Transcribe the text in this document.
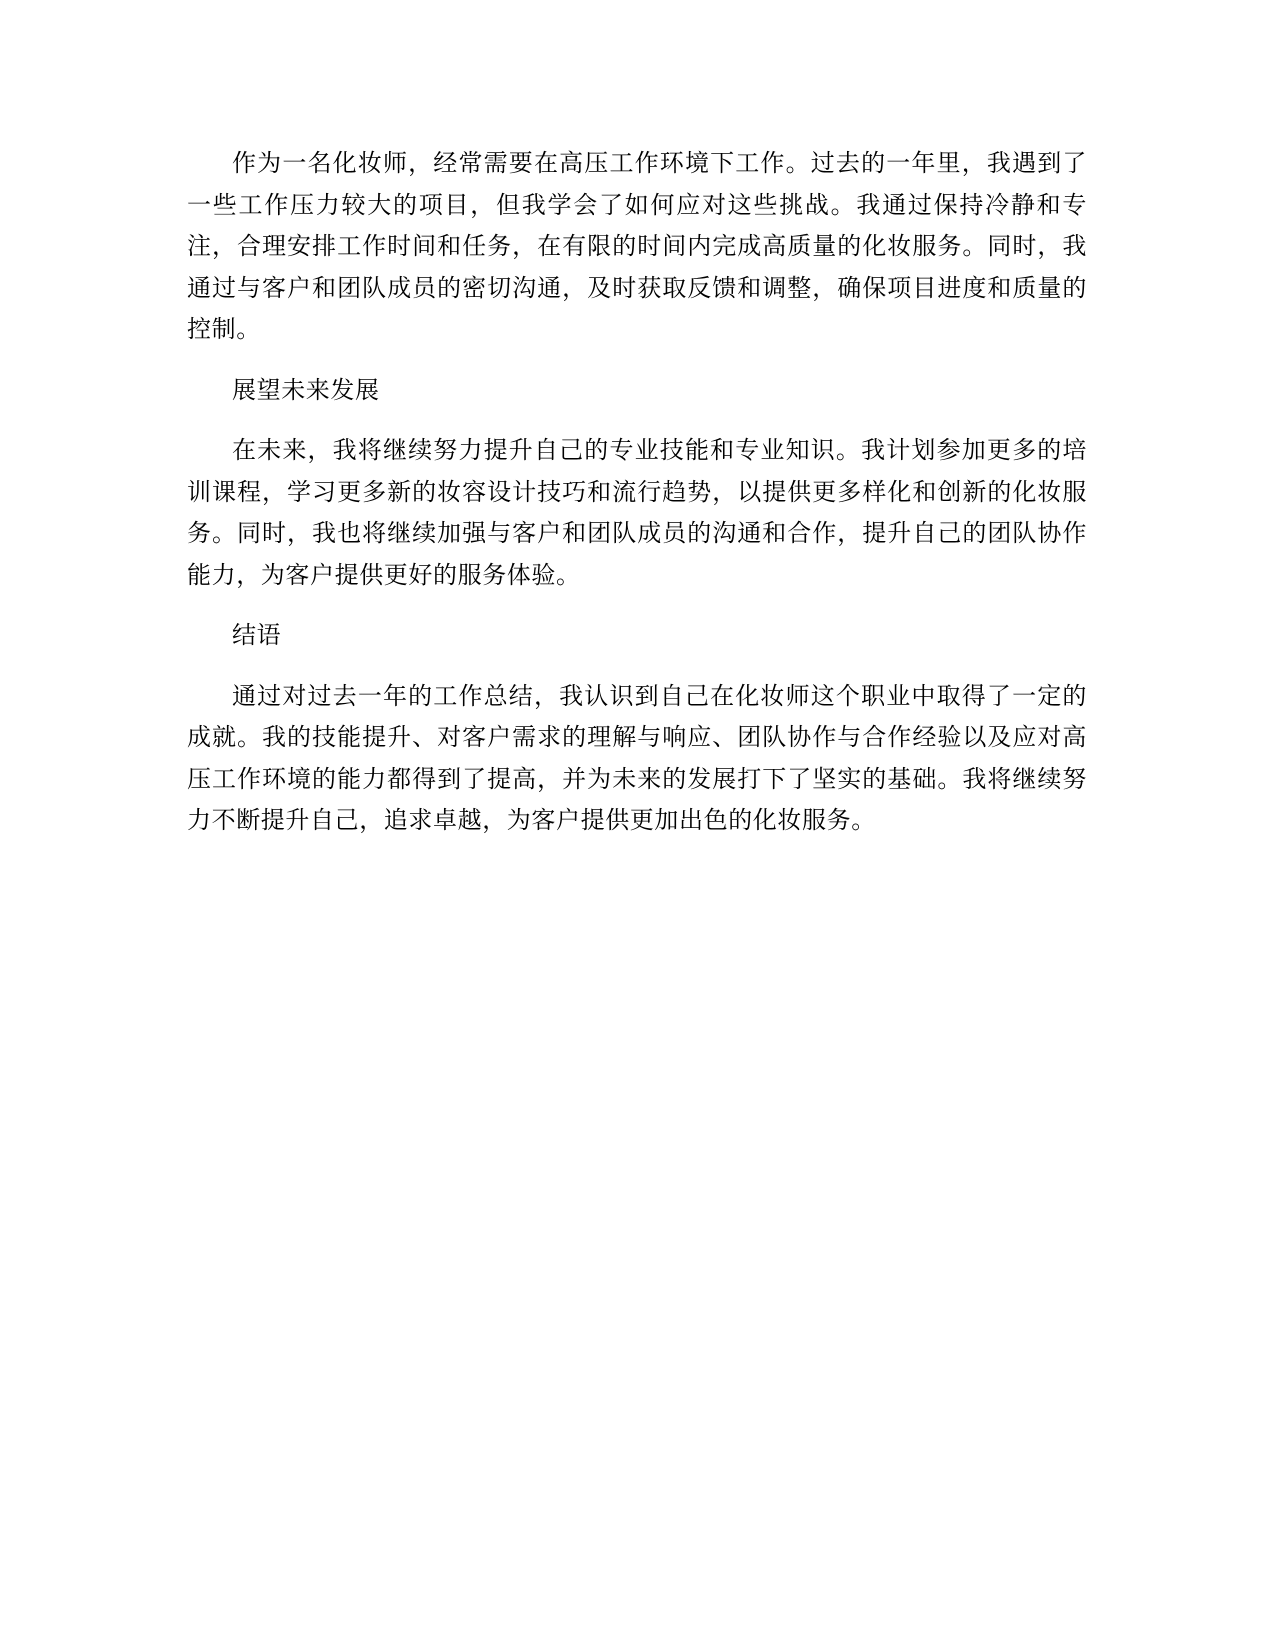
作为一名化妆师，经常需要在高压工作环境下工作。过去的一年里，我遇到了一些工作压力较大的项目，但我学会了如何应对这些挑战。我通过保持冷静和专注，合理安排工作时间和任务，在有限的时间内完成高质量的化妆服务。同时，我通过与客户和团队成员的密切沟通，及时获取反馈和调整，确保项目进度和质量的控制。

展望未来发展

在未来，我将继续努力提升自己的专业技能和专业知识。我计划参加更多的培训课程，学习更多新的妆容设计技巧和流行趋势，以提供更多样化和创新的化妆服务。同时，我也将继续加强与客户和团队成员的沟通和合作，提升自己的团队协作能力，为客户提供更好的服务体验。

结语

通过对过去一年的工作总结，我认识到自己在化妆师这个职业中取得了一定的成就。我的技能提升、对客户需求的理解与响应、团队协作与合作经验以及应对高压工作环境的能力都得到了提高，并为未来的发展打下了坚实的基础。我将继续努力不断提升自己，追求卓越，为客户提供更加出色的化妆服务。
